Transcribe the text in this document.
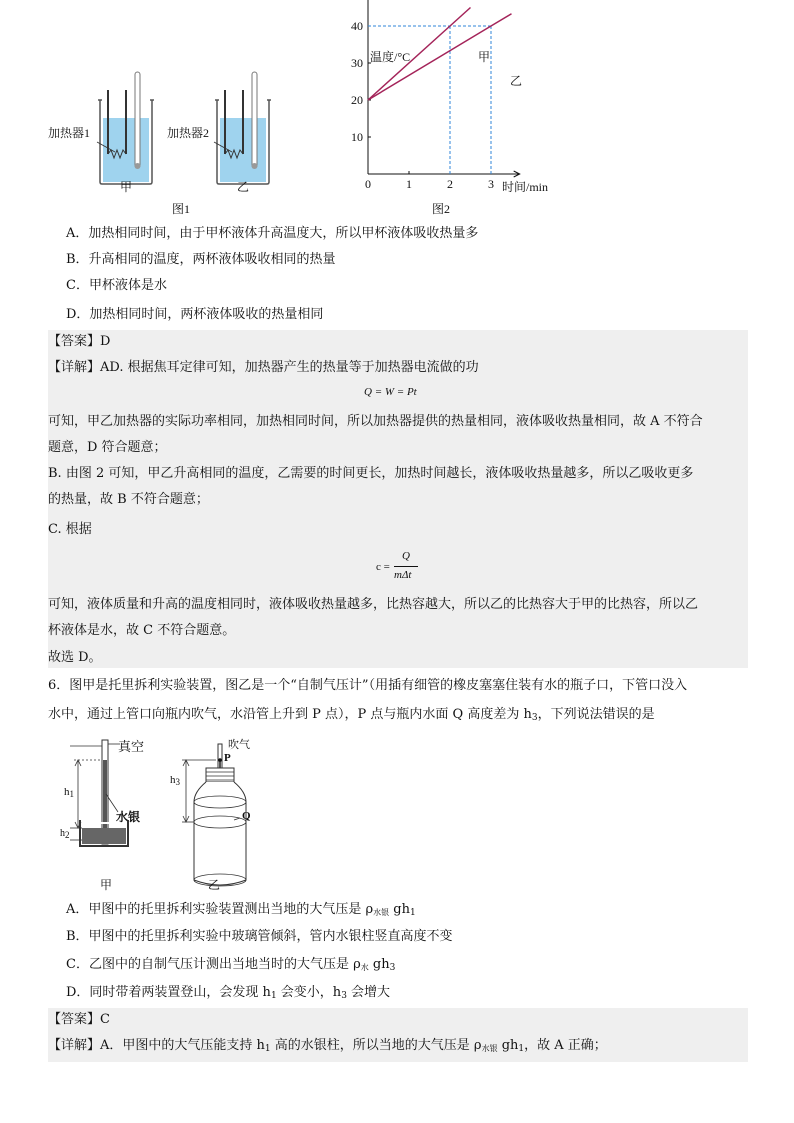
加热器1	加热器2
甲	乙
图1
0	1	2	3
10
20
30
40
温度/°C
时间/min
甲
乙
图2
A．加热相同时间，由于甲杯液体升高温度大，所以甲杯液体吸收热量多
B．升高相同的温度，两杯液体吸收相同的热量
C．甲杯液体是水
D．加热相同时间，两杯液体吸收的热量相同
【答案】D
【详解】AD. 根据焦耳定律可知，加热器产生的热量等于加热器电流做的功
Q = W = Pt
可知，甲乙加热器的实际功率相同，加热相同时间，所以加热器提供的热量相同，液体吸收热量相同，故 A 不符合
题意，D 符合题意；
B. 由图 2 可知，甲乙升高相同的温度，乙需要的时间更长，加热时间越长，液体吸收热量越多，所以乙吸收更多
的热量，故 B 不符合题意；
C. 根据
c =
Q
mΔt
可知，液体质量和升高的温度相同时，液体吸收热量越多，比热容越大，所以乙的比热容大于甲的比热容，所以乙
杯液体是水，故 C 不符合题意。
故选 D。
6．图甲是托里拆利实验装置，图乙是一个“自制气压计”（用插有细管的橡皮塞塞住装有水的瓶子口，下管口没入
水中，通过上管口向瓶内吹气，水沿管上升到 P 点），P 点与瓶内水面 Q 高度差为 $h_3$，下列说法错误的是
真空
水银
$h_1$
$h_2$
$h_3$
吹气
P
Q
甲	乙
A．甲图中的托里拆利实验装置测出当地的大气压是 $\rho_{水银}$ $gh_1$
B．甲图中的托里拆利实验中玻璃管倾斜，管内水银柱竖直高度不变
C．乙图中的自制气压计测出当地当时的大气压是 $\rho_水$ $gh_3$
D．同时带着两装置登山，会发现 $h_1$ 会变小，$h_3$ 会增大
【答案】C
【详解】A．甲图中的大气压能支持 $h_1$ 高的水银柱，所以当地的大气压是 $\rho_{水银}$ $gh_1$，故 A 正确；
